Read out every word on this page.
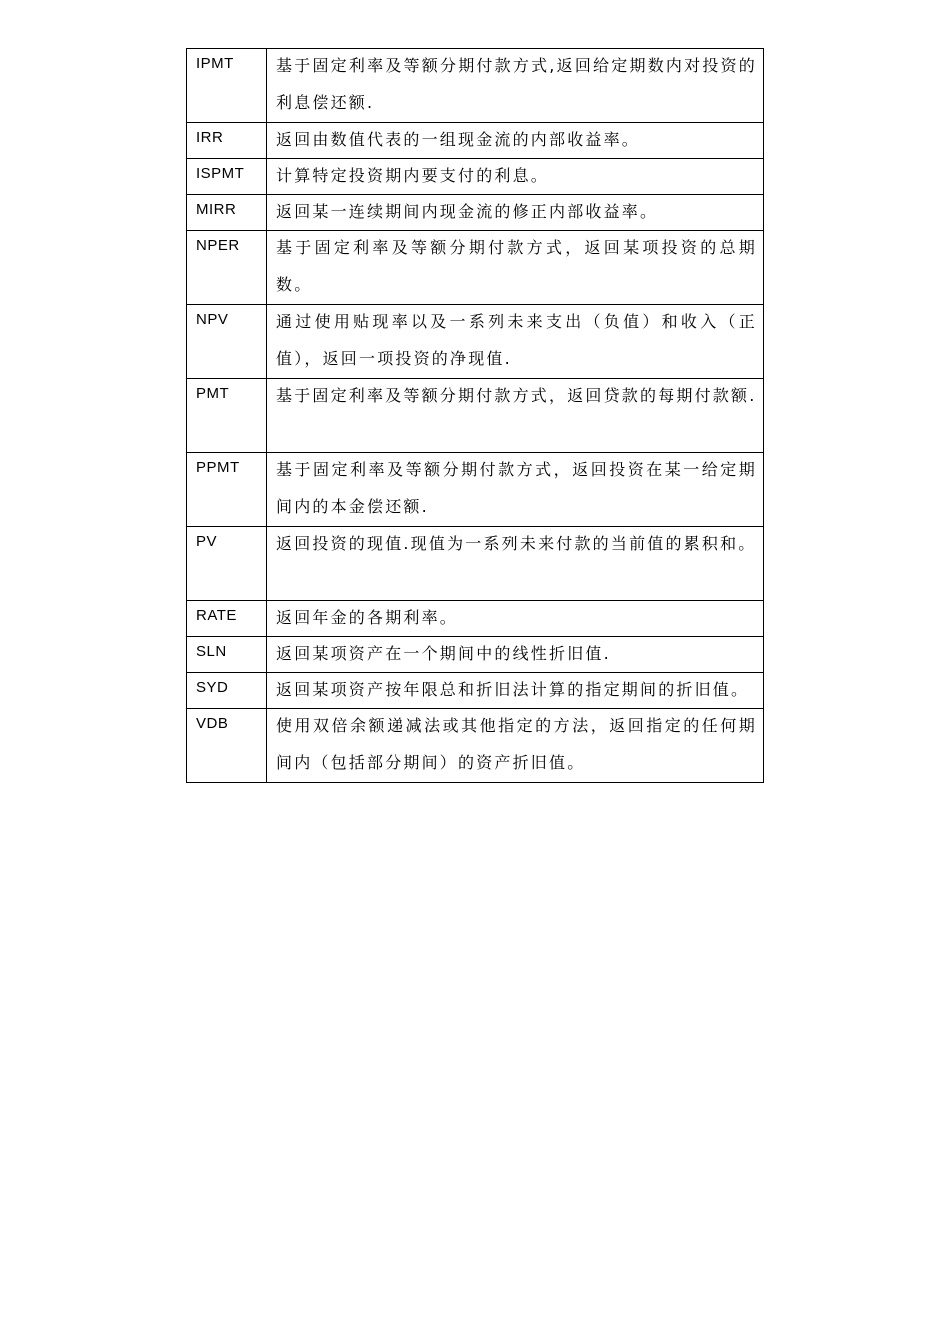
IPMT	基于固定利率及等额分期付款方式,返回给定期数内对投资的利息偿还额.

IRR	返回由数值代表的一组现金流的内部收益率。

ISPMT	计算特定投资期内要支付的利息。

MIRR	返回某一连续期间内现金流的修正内部收益率。

NPER	基于固定利率及等额分期付款方式，返回某项投资的总期数。

NPV	通过使用贴现率以及一系列未来支出（负值）和收入（正值），返回一项投资的净现值.

PMT	基于固定利率及等额分期付款方式，返回贷款的每期付款额.

PPMT	基于固定利率及等额分期付款方式，返回投资在某一给定期间内的本金偿还额.

PV	返回投资的现值.现值为一系列未来付款的当前值的累积和。

RATE	返回年金的各期利率。

SLN	返回某项资产在一个期间中的线性折旧值.

SYD	返回某项资产按年限总和折旧法计算的指定期间的折旧值。

VDB	使用双倍余额递减法或其他指定的方法，返回指定的任何期间内（包括部分期间）的资产折旧值。
